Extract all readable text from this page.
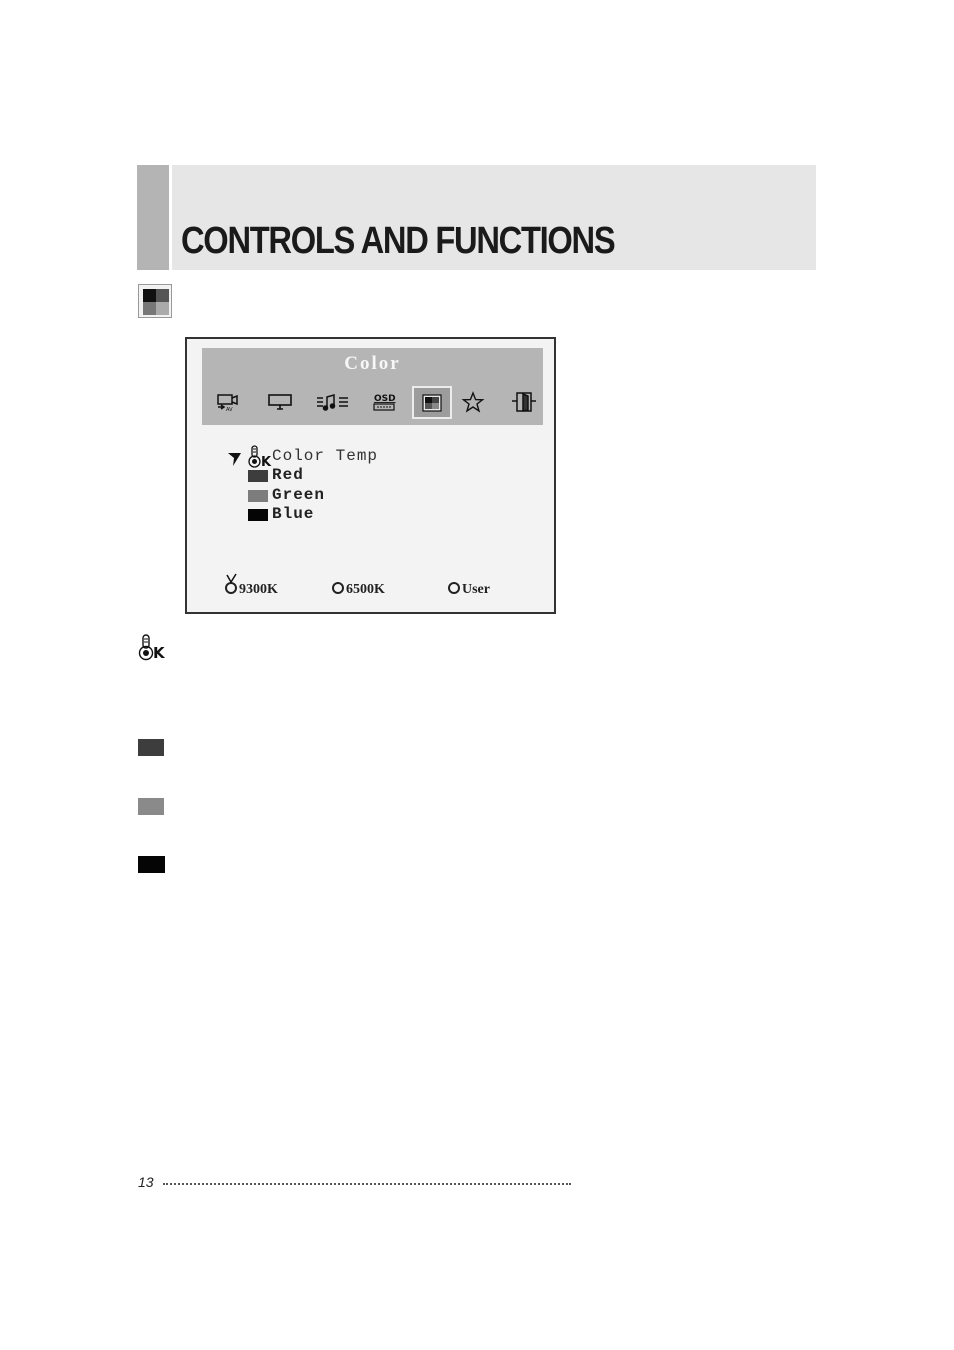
CONTROLS AND FUNCTIONS
Color
AV
OSD
K Color Temp
Red
Green
Blue
9300K	6500K	User
K
13
